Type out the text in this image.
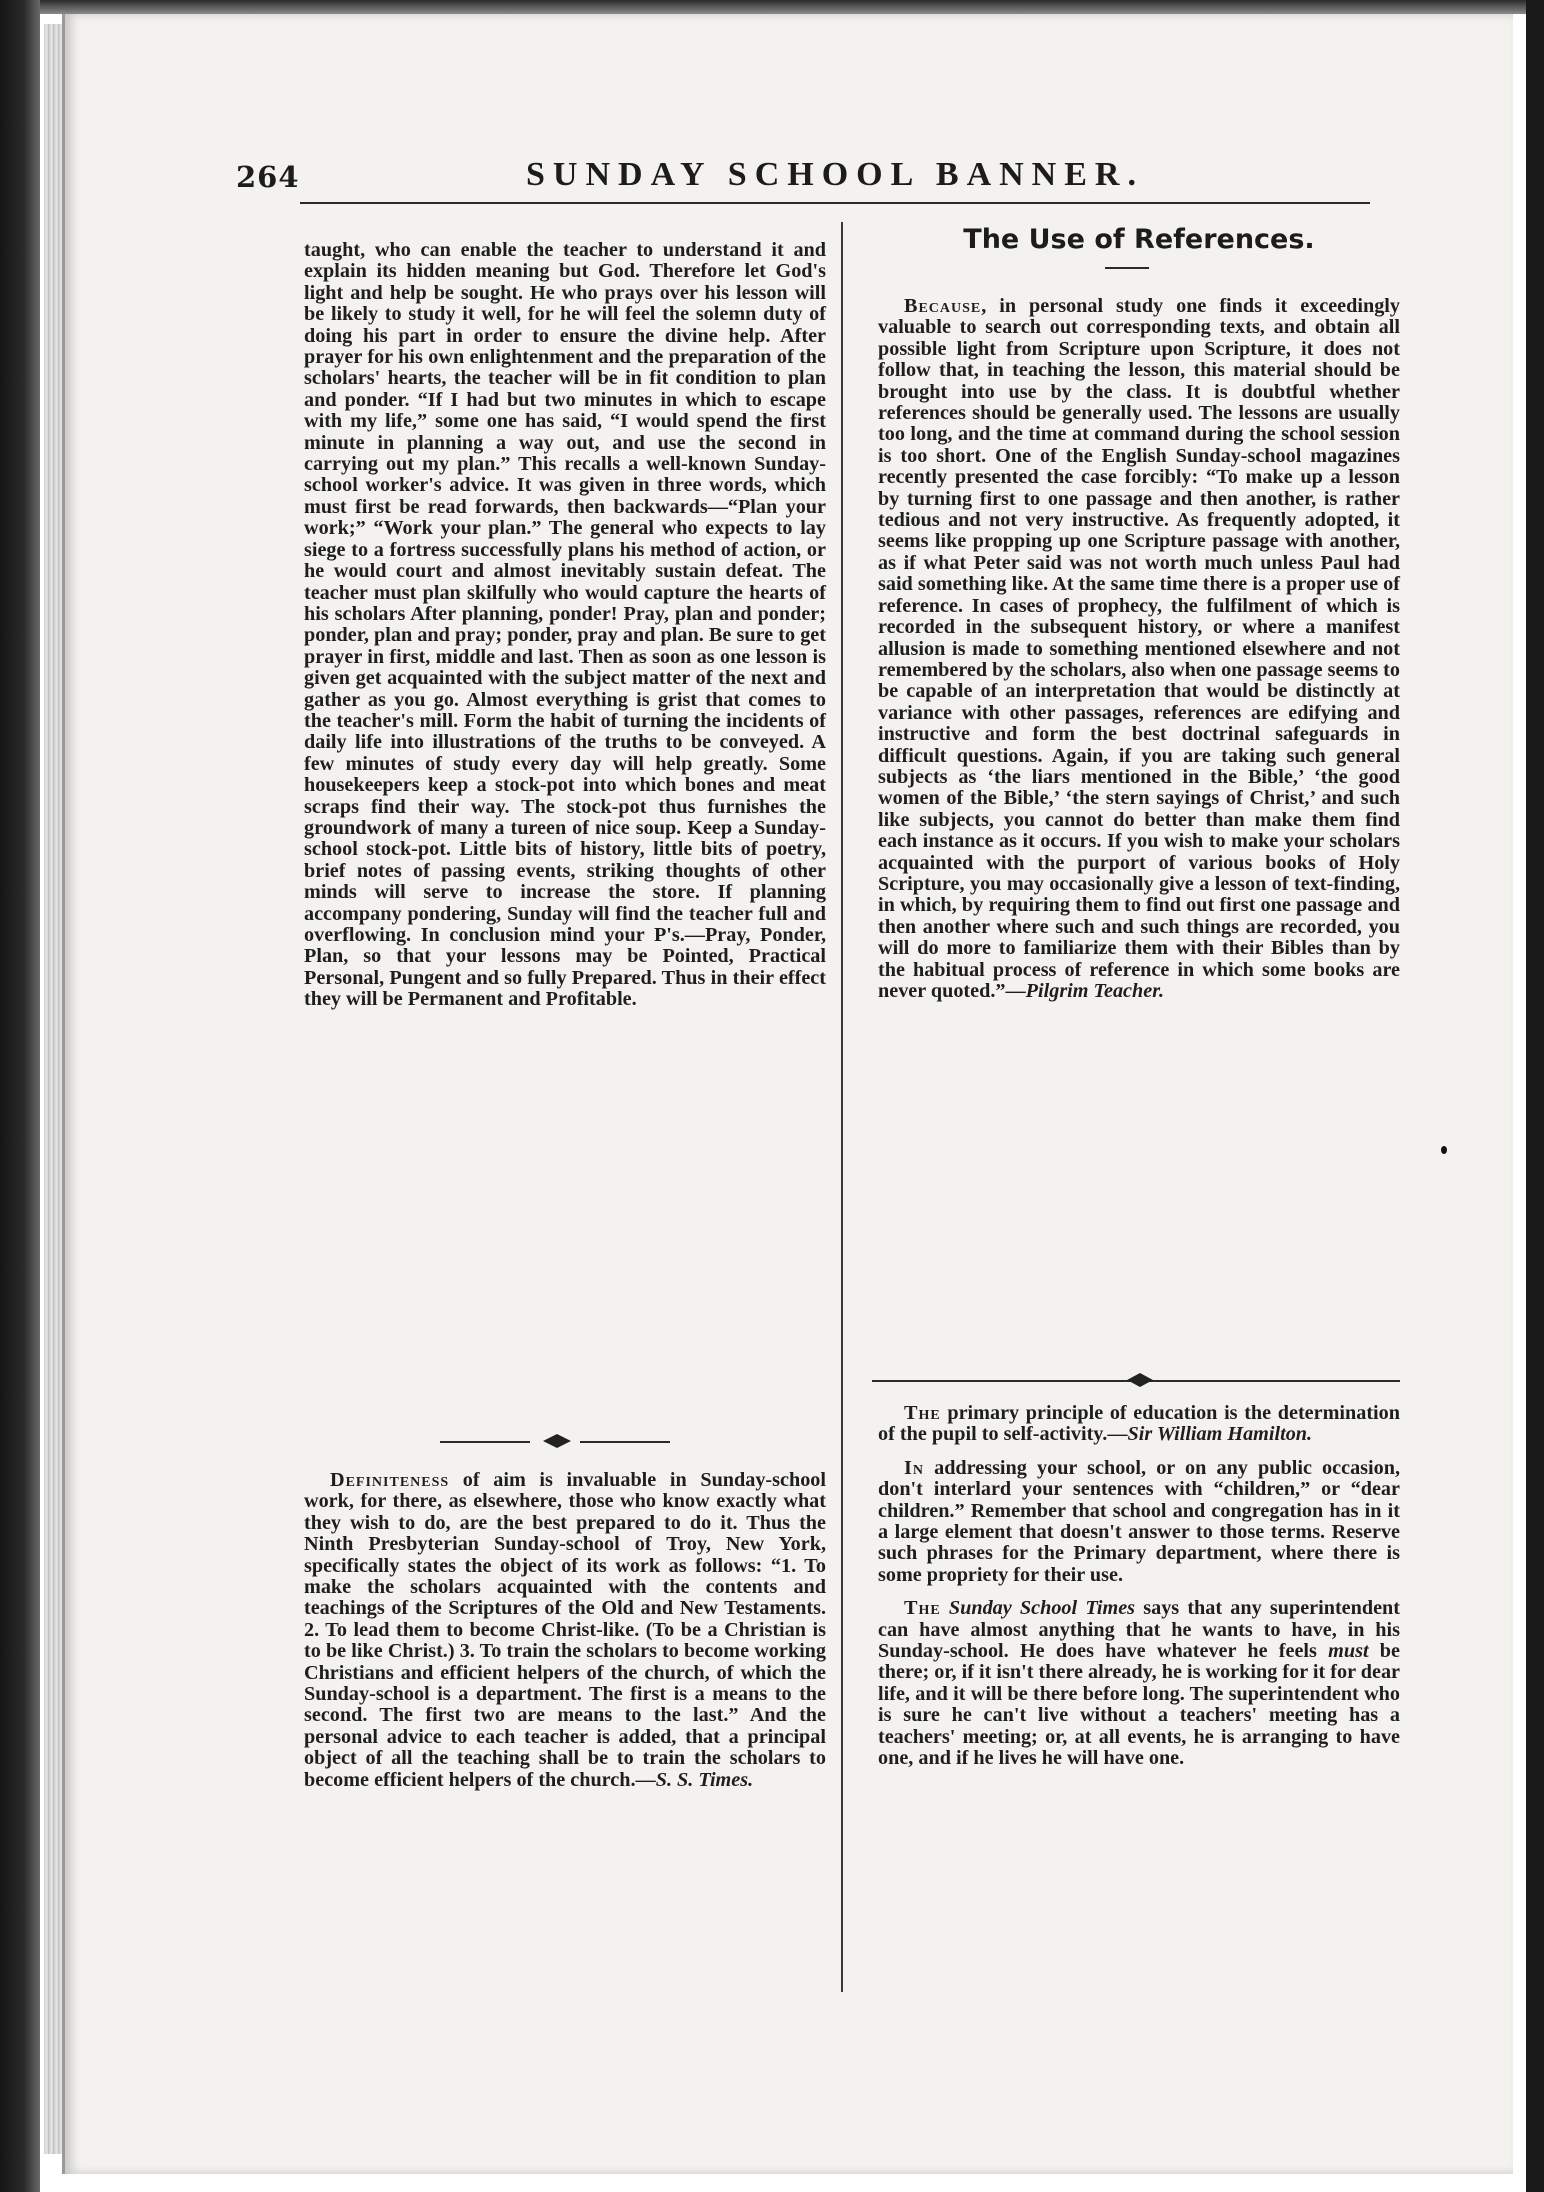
264	SUNDAY SCHOOL BANNER.

taught, who can enable the teacher to understand it and explain its hidden meaning but God. Therefore let God's light and help be sought. He who prays over his lesson will be likely to study it well, for he will feel the solemn duty of doing his part in order to ensure the divine help. After prayer for his own enlightenment and the preparation of the scholars' hearts, the teacher will be in fit condition to plan and ponder. “If I had but two minutes in which to escape with my life,” some one has said, “I would spend the first minute in planning a way out, and use the second in carrying out my plan.” This recalls a well-known Sunday-school worker's advice. It was given in three words, which must first be read forwards, then backwards—“Plan your work;” “Work your plan.” The general who expects to lay siege to a fortress successfully plans his method of action, or he would court and almost inevitably sustain defeat. The teacher must plan skilfully who would capture the hearts of his scholars After planning, ponder! Pray, plan and ponder; ponder, plan and pray; ponder, pray and plan. Be sure to get prayer in first, middle and last. Then as soon as one lesson is given get acquainted with the subject matter of the next and gather as you go. Almost everything is grist that comes to the teacher's mill. Form the habit of turning the incidents of daily life into illustrations of the truths to be conveyed. A few minutes of study every day will help greatly. Some housekeepers keep a stock-pot into which bones and meat scraps find their way. The stock-pot thus furnishes the groundwork of many a tureen of nice soup. Keep a Sunday-school stock-pot. Little bits of history, little bits of poetry, brief notes of passing events, striking thoughts of other minds will serve to increase the store. If planning accompany pondering, Sunday will find the teacher full and overflowing. In conclusion mind your P's.—Pray, Ponder, Plan, so that your lessons may be Pointed, Practical Personal, Pungent and so fully Prepared. Thus in their effect they will be Permanent and Profitable.

Definiteness of aim is invaluable in Sunday-school work, for there, as elsewhere, those who know exactly what they wish to do, are the best prepared to do it. Thus the Ninth Presbyterian Sunday-school of Troy, New York, specifically states the object of its work as follows: “1. To make the scholars acquainted with the contents and teachings of the Scriptures of the Old and New Testaments. 2. To lead them to become Christ-like. (To be a Christian is to be like Christ.) 3. To train the scholars to become working Christians and efficient helpers of the church, of which the Sunday-school is a department. The first is a means to the second. The first two are means to the last.” And the personal advice to each teacher is added, that a principal object of all the teaching shall be to train the scholars to become efficient helpers of the church.—S. S. Times.

The Use of References.

Because, in personal study one finds it exceedingly valuable to search out corresponding texts, and obtain all possible light from Scripture upon Scripture, it does not follow that, in teaching the lesson, this material should be brought into use by the class. It is doubtful whether references should be generally used. The lessons are usually too long, and the time at command during the school session is too short. One of the English Sunday-school magazines recently presented the case forcibly: “To make up a lesson by turning first to one passage and then another, is rather tedious and not very instructive. As frequently adopted, it seems like propping up one Scripture passage with another, as if what Peter said was not worth much unless Paul had said something like. At the same time there is a proper use of reference. In cases of prophecy, the fulfilment of which is recorded in the subsequent history, or where a manifest allusion is made to something mentioned elsewhere and not remembered by the scholars, also when one passage seems to be capable of an interpretation that would be distinctly at variance with other passages, references are edifying and instructive and form the best doctrinal safeguards in difficult questions. Again, if you are taking such general subjects as ‘the liars mentioned in the Bible,’ ‘the good women of the Bible,’ ‘the stern sayings of Christ,’ and such like subjects, you cannot do better than make them find each instance as it occurs. If you wish to make your scholars acquainted with the purport of various books of Holy Scripture, you may occasionally give a lesson of text-finding, in which, by requiring them to find out first one passage and then another where such and such things are recorded, you will do more to familiarize them with their Bibles than by the habitual process of reference in which some books are never quoted.”—Pilgrim Teacher.

The primary principle of education is the determination of the pupil to self-activity.—Sir William Hamilton.

In addressing your school, or on any public occasion, don't interlard your sentences with “children,” or “dear children.” Remember that school and congregation has in it a large element that doesn't answer to those terms. Reserve such phrases for the Primary department, where there is some propriety for their use.

The Sunday School Times says that any superintendent can have almost anything that he wants to have, in his Sunday-school. He does have whatever he feels must be there; or, if it isn't there already, he is working for it for dear life, and it will be there before long. The superintendent who is sure he can't live without a teachers' meeting has a teachers' meeting; or, at all events, he is arranging to have one, and if he lives he will have one.
